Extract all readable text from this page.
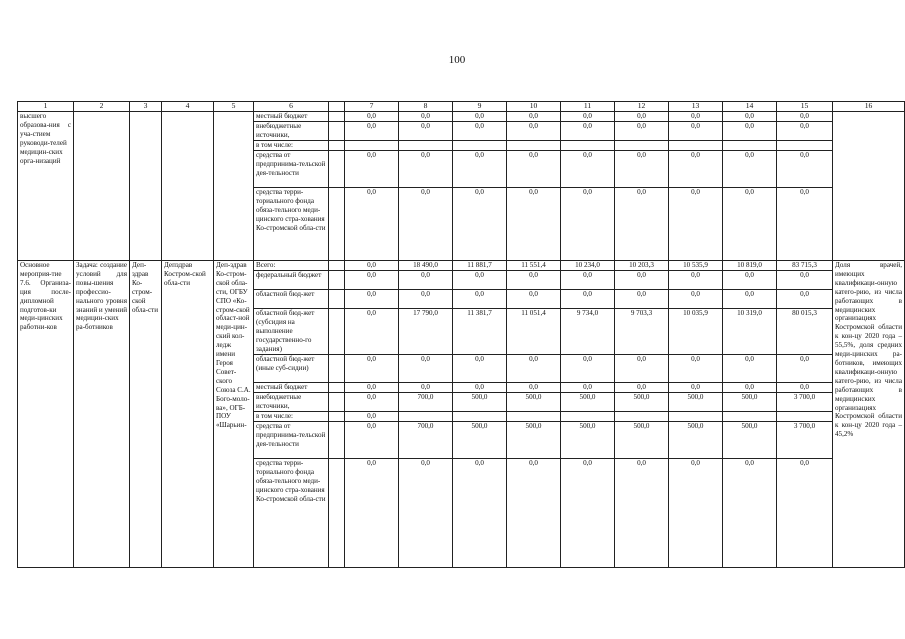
100
1	2	3	4	5	6		7	8	9	10	11	12	13	14	15	16
высшего образова-ния с уча-стием руководи-телей медицин-ских орга-низаций					местный бюджет		0,0	0,0	0,0	0,0	0,0	0,0	0,0	0,0	0,0	
					внебюджетные источники,		0,0	0,0	0,0	0,0	0,0	0,0	0,0	0,0	0,0	
					в том числе:											
					средства от предпринима-тельской дея-тельности		0,0	0,0	0,0	0,0	0,0	0,0	0,0	0,0	0,0	
					средства терри-ториального фонда обяза-тельного меди-цинского стра-хования Ко-стромской обла-сти		0,0	0,0	0,0	0,0	0,0	0,0	0,0	0,0	0,0	
Основное мероприя-тие 7.6. Организа-ция после-дипломной подготов-ки меди-цинских работни-ков	Задача: создание условий для повы-шения профессио-нального уровня знаний и умений медицин-ских ра-ботников	Деп-здрав Ко-стром-ской обла-сти	Депздрав Костром-ской обла-сти	Деп-здрав Ко-стром-ской обла-сти, ОГБУ СПО «Ко-стром-ской област-ной меди-цин-ский кол-ледж имени Героя Совет-ского Союза С.А. Бого-моло-ва», ОГБ-ПОУ «Шарьин-	Всего:		0,0	18 490,0	11 881,7	11 551,4	10 234,0	10 203,3	10 535,9	10 819,0	83 715,3	Доля врачей, имеющих квалификаци-онную катего-рию, из числа работающих в медицинских организациях Костромской области к кон-цу 2020 года – 55,5%, доля средних меди-цинских ра-ботников, имеющих квалификаци-онную катего-рию, из числа работающих в медицинских организациях Костромской области к кон-цу 2020 года – 45,2%
					федеральный бюджет		0,0	0,0	0,0	0,0	0,0	0,0	0,0	0,0	0,0	
					областной бюд-жет		0,0	0,0	0,0	0,0	0,0	0,0	0,0	0,0	0,0	
					областной бюд-жет (субсидия на выполнение государственно-го задания)		0,0	17 790,0	11 381,7	11 051,4	9 734,0	9 703,3	10 035,9	10 319,0	80 015,3	
					областной бюд-жет (иные суб-сидии)		0,0	0,0	0,0	0,0	0,0	0,0	0,0	0,0	0,0	
					местный бюджет		0,0	0,0	0,0	0,0	0,0	0,0	0,0	0,0	0,0	
					внебюджетные источники,		0,0	700,0	500,0	500,0	500,0	500,0	500,0	500,0	3 700,0	
					в том числе:		0,0									
					средства от предпринима-тельской дея-тельности		0,0	700,0	500,0	500,0	500,0	500,0	500,0	500,0	3 700,0	
					средства терри-ториального фонда обяза-тельного меди-цинского стра-хования Ко-стромской обла-сти		0,0	0,0	0,0	0,0	0,0	0,0	0,0	0,0	0,0	
